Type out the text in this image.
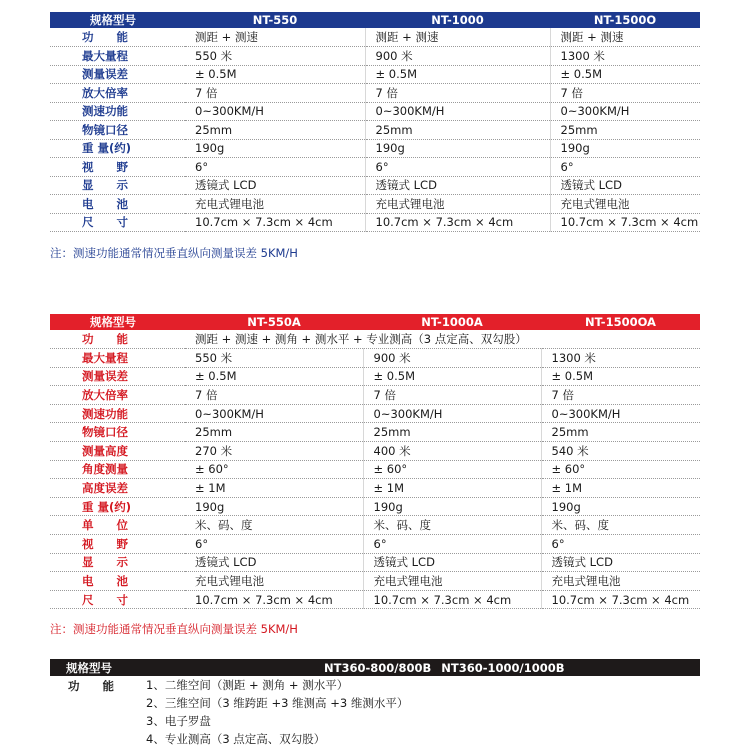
规格型号	NT-550	NT-1000	NT-1500O
功　　能	测距 + 测速	测距 + 测速	测距 + 测速
最大量程	550 米	900 米	1300 米
测量误差	± 0.5M	± 0.5M	± 0.5M
放大倍率	7 倍	7 倍	7 倍
测速功能	0~300KM/H	0~300KM/H	0~300KM/H
物镜口径	25mm	25mm	25mm
重 量(约)	190g	190g	190g
视　　野	6°	6°	6°
显　　示	透镜式 LCD	透镜式 LCD	透镜式 LCD
电　　池	充电式锂电池	充电式锂电池	充电式锂电池
尺　　寸	10.7cm × 7.3cm × 4cm	10.7cm × 7.3cm × 4cm	10.7cm × 7.3cm × 4cm
注：测速功能通常情况垂直纵向测量误差 5KM/H
规格型号	NT-550A	NT-1000A	NT-1500OA
功　　能	测距 + 测速 + 测角 + 测水平 + 专业测高（3 点定高、双勾股）		
最大量程	550 米	900 米	1300 米
测量误差	± 0.5M	± 0.5M	± 0.5M
放大倍率	7 倍	7 倍	7 倍
测速功能	0~300KM/H	0~300KM/H	0~300KM/H
物镜口径	25mm	25mm	25mm
测量高度	270 米	400 米	540 米
角度测量	± 60°	± 60°	± 60°
高度误差	± 1M	± 1M	± 1M
重 量(约)	190g	190g	190g
单　　位	米、码、度	米、码、度	米、码、度
视　　野	6°	6°	6°
显　　示	透镜式 LCD	透镜式 LCD	透镜式 LCD
电　　池	充电式锂电池	充电式锂电池	充电式锂电池
尺　　寸	10.7cm × 7.3cm × 4cm	10.7cm × 7.3cm × 4cm	10.7cm × 7.3cm × 4cm
注：测速功能通常情况垂直纵向测量误差 5KM/H
规格型号	NT360-800/800B NT360-1000/1000B

功　　能	1、二维空间（测距 + 测角 + 测水平）
2、三维空间（3 维跨距 +3 维测高 +3 维测水平）
3、电子罗盘
4、专业测高（3 点定高、双勾股）
